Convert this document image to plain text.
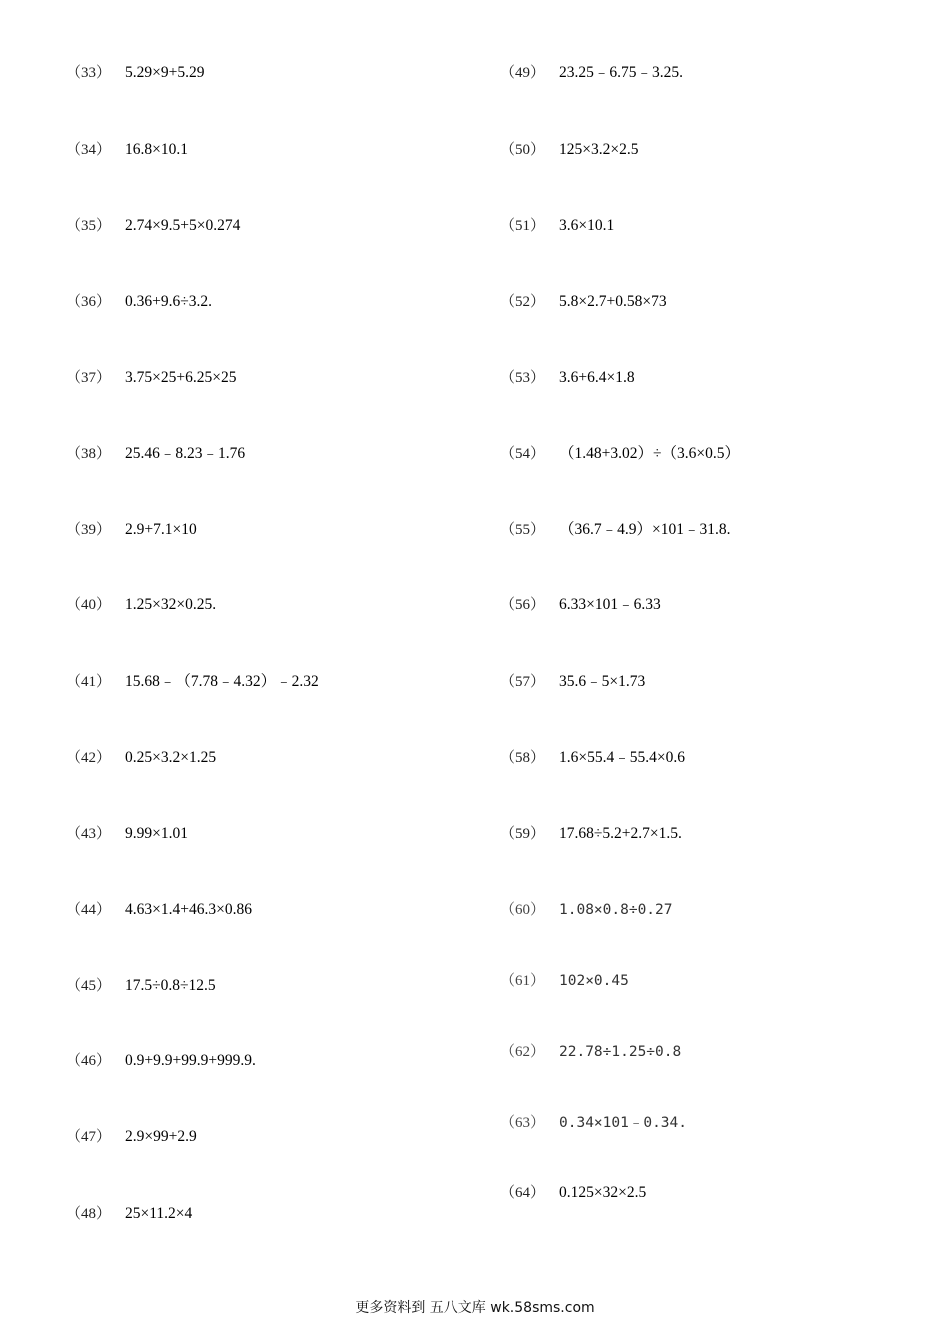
（33） 5.29×9+5.29
（34） 16.8×10.1
（35） 2.74×9.5+5×0.274
（36） 0.36+9.6÷3.2.
（37） 3.75×25+6.25×25
（38） 25.46﹣8.23﹣1.76
（39） 2.9+7.1×10
（40） 1.25×32×0.25.
（41） 15.68﹣（7.78﹣4.32）﹣2.32
（42） 0.25×3.2×1.25
（43） 9.99×1.01
（44） 4.63×1.4+46.3×0.86
（45） 17.5÷0.8÷12.5
（46） 0.9+9.9+99.9+999.9.
（47） 2.9×99+2.9
（48） 25×11.2×4
（49） 23.25﹣6.75﹣3.25.
（50） 125×3.2×2.5
（51） 3.6×10.1
（52） 5.8×2.7+0.58×73
（53） 3.6+6.4×1.8
（54） （1.48+3.02）÷（3.6×0.5）
（55） （36.7﹣4.9）×101﹣31.8.
（56） 6.33×101﹣6.33
（57） 35.6﹣5×1.73
（58） 1.6×55.4﹣55.4×0.6
（59） 17.68÷5.2+2.7×1.5.
（60） 1.08×0.8÷0.27
（61） 102×0.45
（62） 22.78÷1.25÷0.8
（63） 0.34×101﹣0.34.
（64） 0.125×32×2.5
更多资料到 五八文库 wk.58sms.com
